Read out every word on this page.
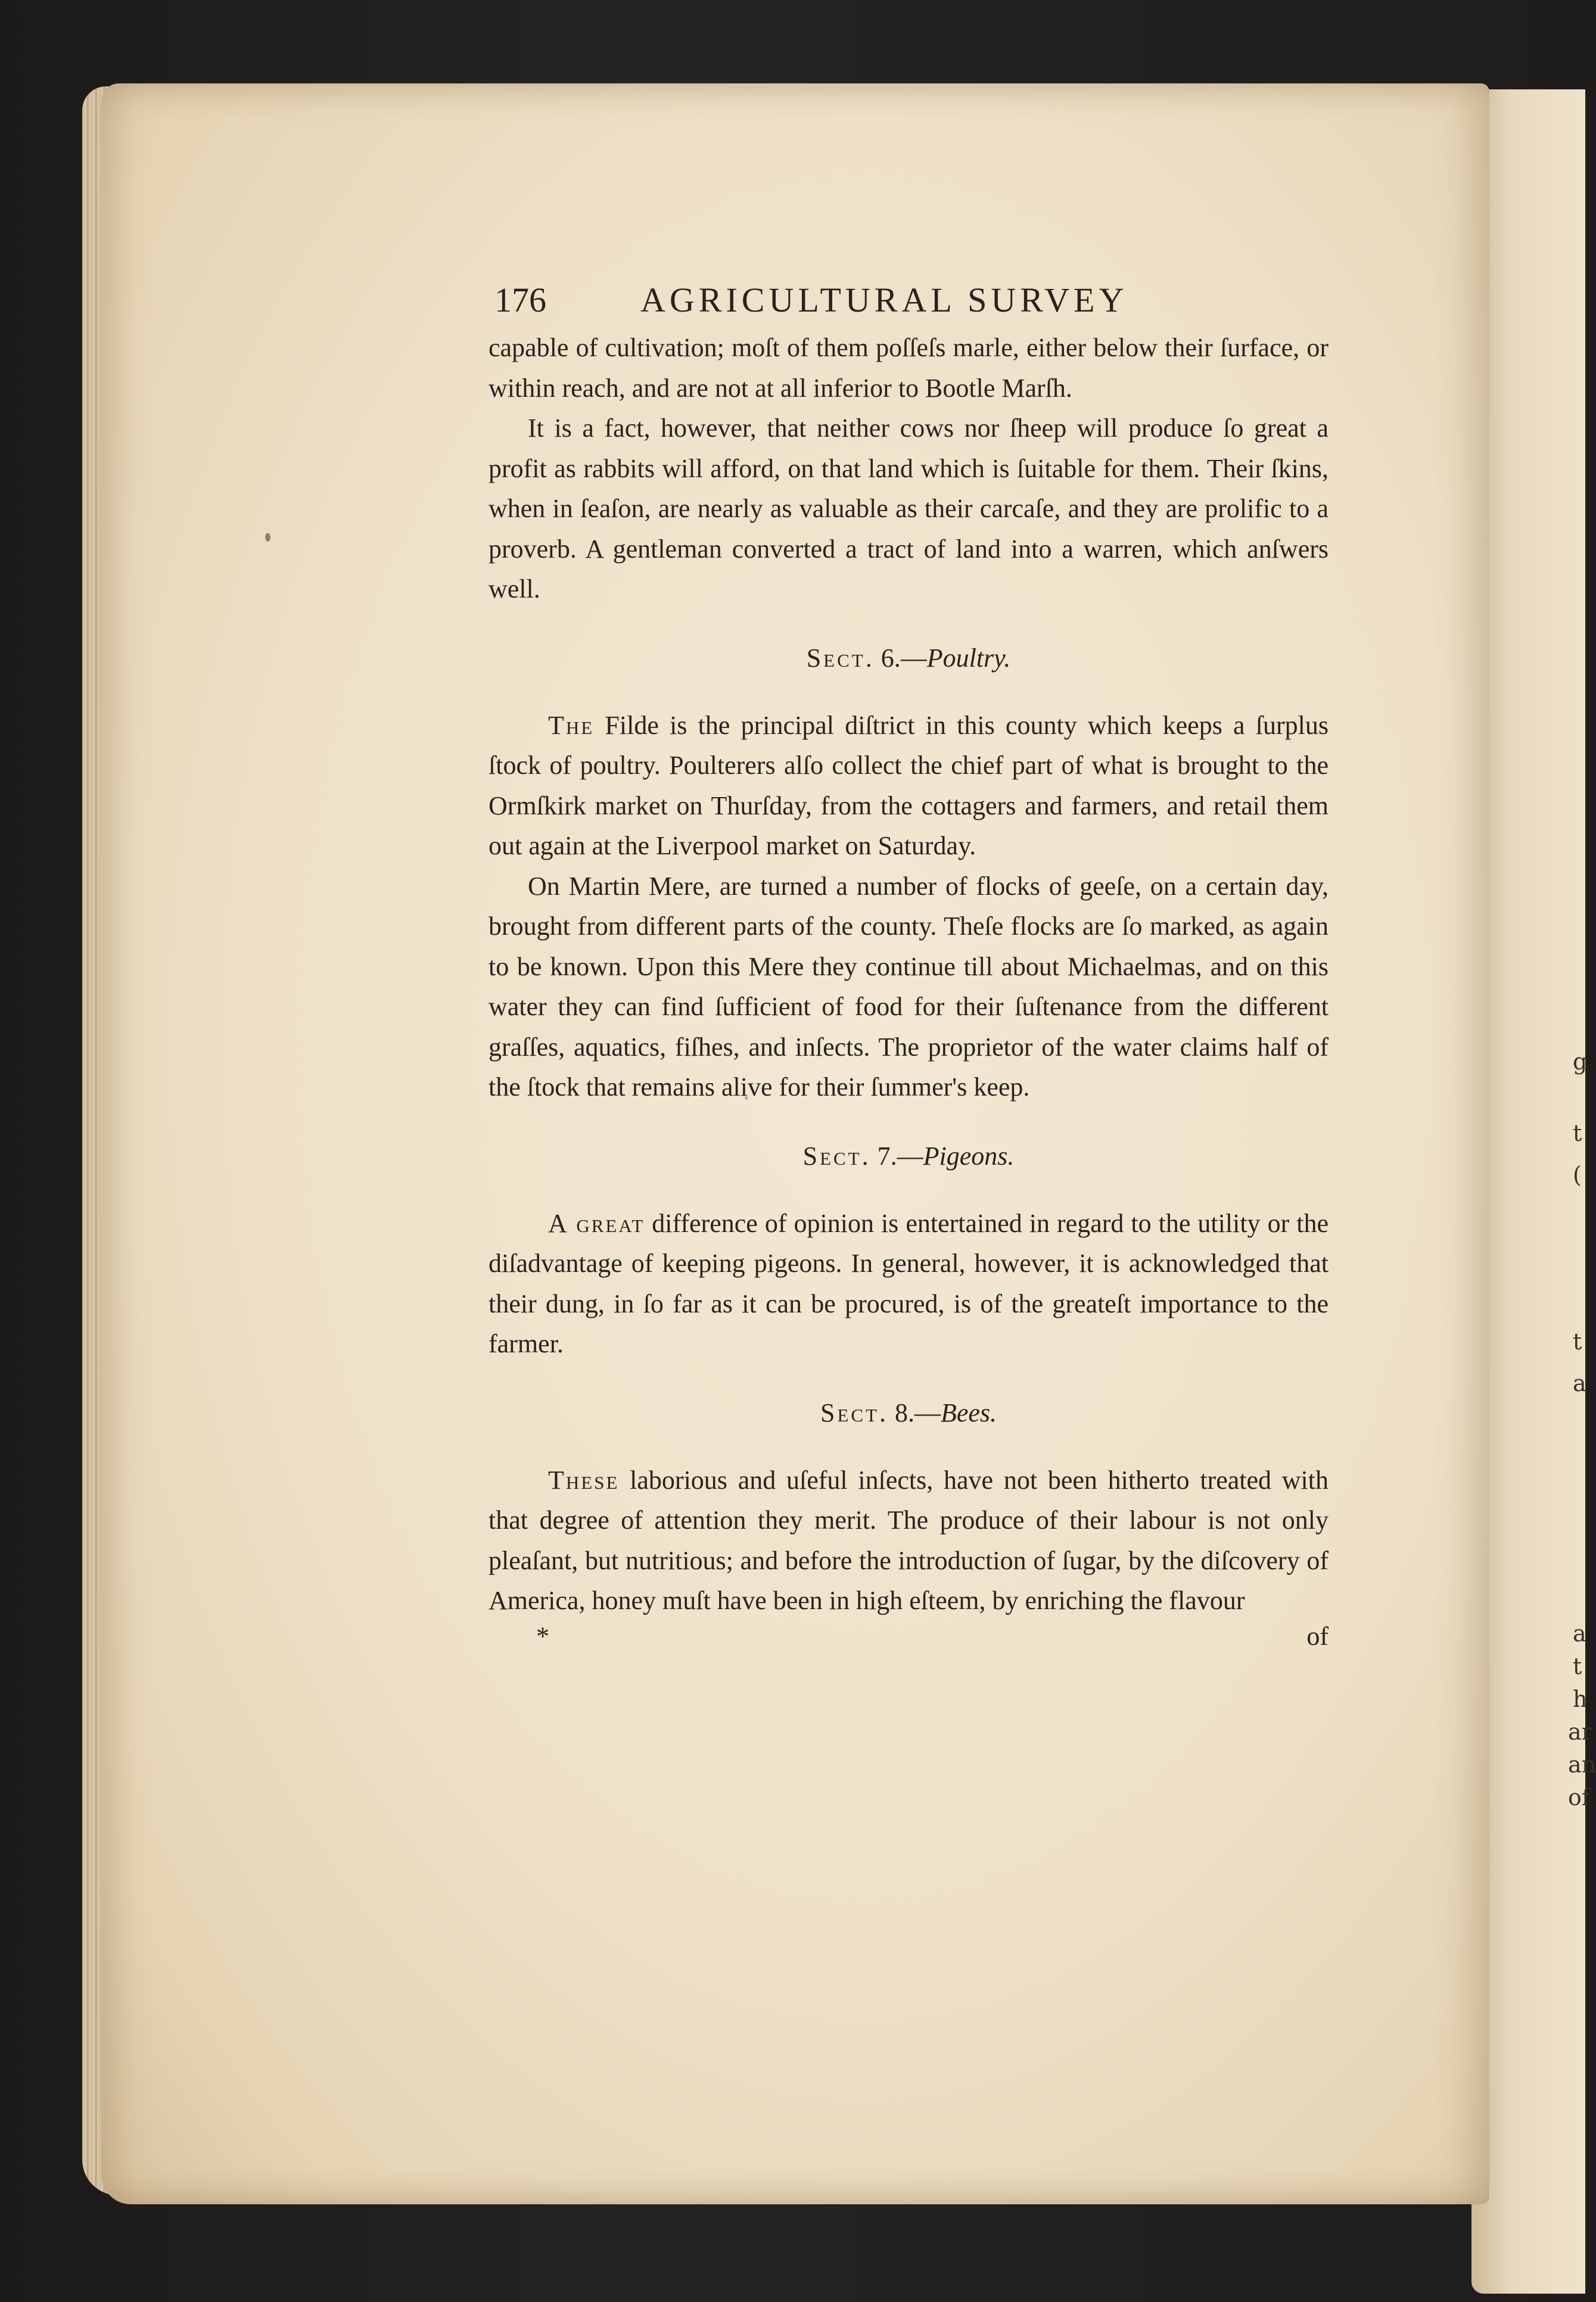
g
t
(
t
a
a
t
h
ar
an
of
176	AGRICULTURAL SURVEY

capable of cultivation; moſt of them poſſeſs marle, either below their ſurface, or within reach, and are not at all inferior to Bootle Marſh.

It is a fact, however, that neither cows nor ſheep will produce ſo great a profit as rabbits will afford, on that land which is ſuitable for them. Their ſkins, when in ſeaſon, are nearly as valuable as their carcaſe, and they are prolific to a proverb. A gentleman converted a tract of land into a warren, which anſwers well.

Sect. 6.—Poultry.

The Filde is the principal diſtrict in this county which keeps a ſurplus ſtock of poultry. Poulterers alſo collect the chief part of what is brought to the Ormſkirk market on Thurſday, from the cottagers and farmers, and retail them out again at the Liverpool market on Saturday.

On Martin Mere, are turned a number of flocks of geeſe, on a certain day, brought from different parts of the county. Theſe flocks are ſo marked, as again to be known. Upon this Mere they continue till about Michaelmas, and on this water they can find ſufficient of food for their ſuſtenance from the different graſſes, aquatics, fiſhes, and inſects. The proprietor of the water claims half of the ſtock that remains alive for their ſummer's keep.

Sect. 7.—Pigeons.

A great difference of opinion is entertained in regard to the utility or the diſadvantage of keeping pigeons. In general, however, it is acknowledged that their dung, in ſo far as it can be procured, is of the greateſt importance to the farmer.

Sect. 8.—Bees.

These laborious and uſeful inſects, have not been hitherto treated with that degree of attention they merit. The produce of their labour is not only pleaſant, but nutritious; and before the introduction of ſugar, by the diſcovery of America, honey muſt have been in high eſteem, by enriching the flavour

*	of
